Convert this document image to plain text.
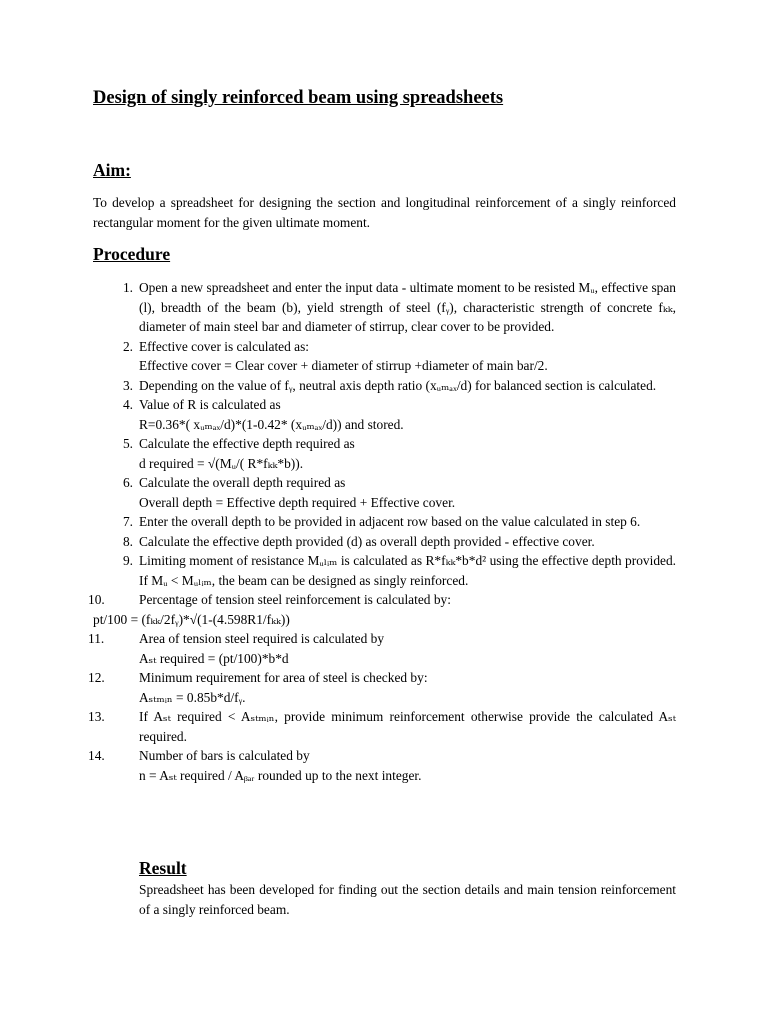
Design of singly reinforced beam using spreadsheets
Aim:

To develop a spreadsheet for designing the section and longitudinal reinforcement of a singly reinforced rectangular moment for the given ultimate moment.

Procedure
1. Open a new spreadsheet and enter the input data - ultimate moment to be resisted Mᵤ, effective span (l), breadth of the beam (b), yield strength of steel (fᵧ), characteristic strength of concrete fₖₖ, diameter of main steel bar and diameter of stirrup, clear cover to be provided.
2. Effective cover is calculated as:
Effective cover = Clear cover + diameter of stirrup +diameter of main bar/2.
3. Depending on the value of fᵧ, neutral axis depth ratio (xᵤₘₐₓ/d) for balanced section is calculated.
4. Value of R is calculated as
R=0.36*( xᵤₘₐₓ/d)*(1-0.42* (xᵤₘₐₓ/d)) and stored.
5. Calculate the effective depth required as
d required = √(Mᵤ/( R*fₖₖ*b)).
6. Calculate the overall depth required as
Overall depth = Effective depth required + Effective cover.
7. Enter the overall depth to be provided in adjacent row based on the value calculated in step 6.
8. Calculate the effective depth provided (d) as overall depth provided - effective cover.
9. Limiting moment of resistance Mᵤₗᵢₘ is calculated as R*fₖₖ*b*d² using the effective depth provided. If Mᵤ < Mᵤₗᵢₘ, the beam can be designed as singly reinforced.
10.	Percentage of tension steel reinforcement is calculated by:
pt/100 = (fₖₖ/2fᵧ)*√(1-(4.598R1/fₖₖ))
11.	Area of tension steel required is calculated by
Aₛₜ required = (pt/100)*b*d
12.	Minimum requirement for area of steel is checked by:
Aₛₜₘᵢₙ = 0.85b*d/fᵧ.
13.	If Aₛₜ required < Aₛₜₘᵢₙ, provide minimum reinforcement otherwise provide the calculated Aₛₜ required.
14.	Number of bars is calculated by
n = Aₛₜ required / Aᵦₐᵣ rounded up to the next integer.
Result

Spreadsheet has been developed for finding out the section details and main tension reinforcement of a singly reinforced beam.
